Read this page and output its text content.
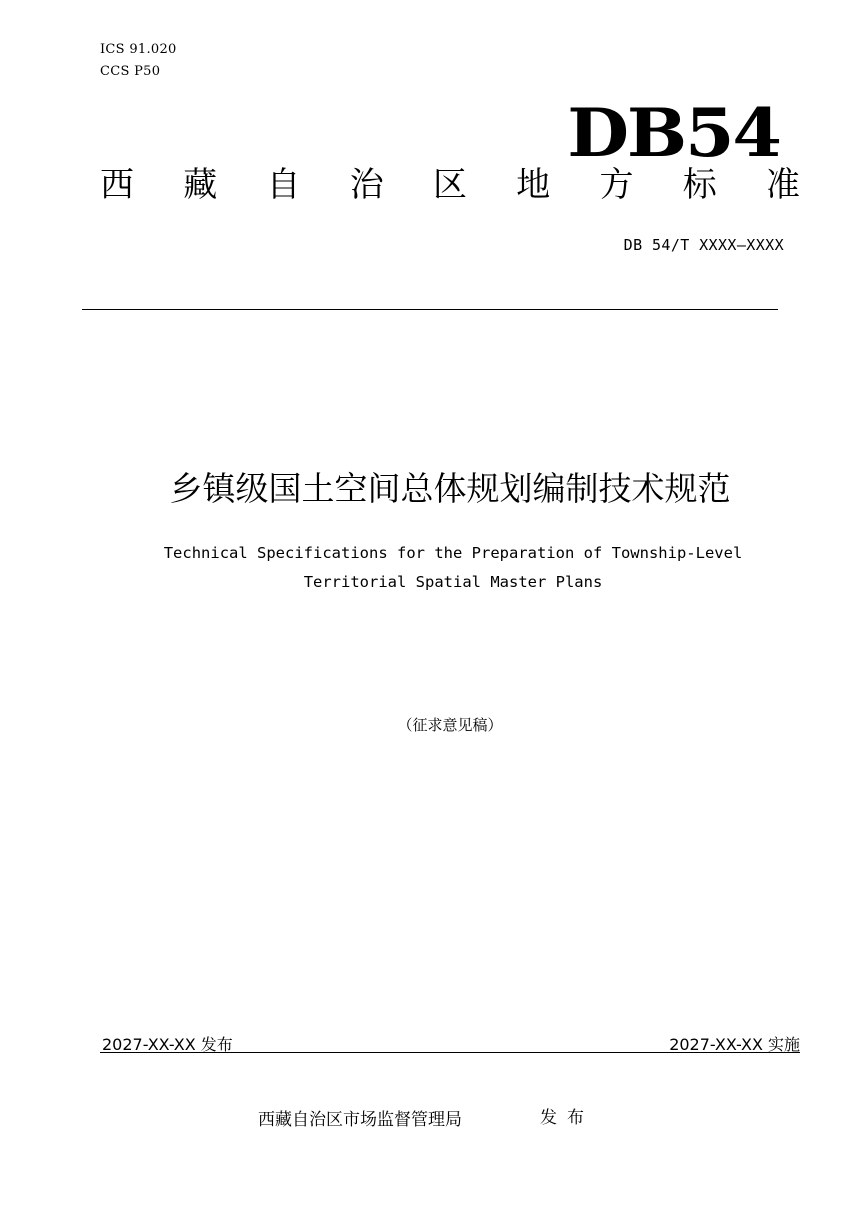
ICS 91.020
CCS P50
DB54
西 藏 自 治 区 地 方 标 准
DB 54/T XXXX—XXXX
乡镇级国土空间总体规划编制技术规范
Technical Specifications for the Preparation of Township-Level
Territorial Spatial Master Plans
（征求意见稿）
2027-XX-XX 发布	2027-XX-XX 实施
西藏自治区市场监督管理局	发布
